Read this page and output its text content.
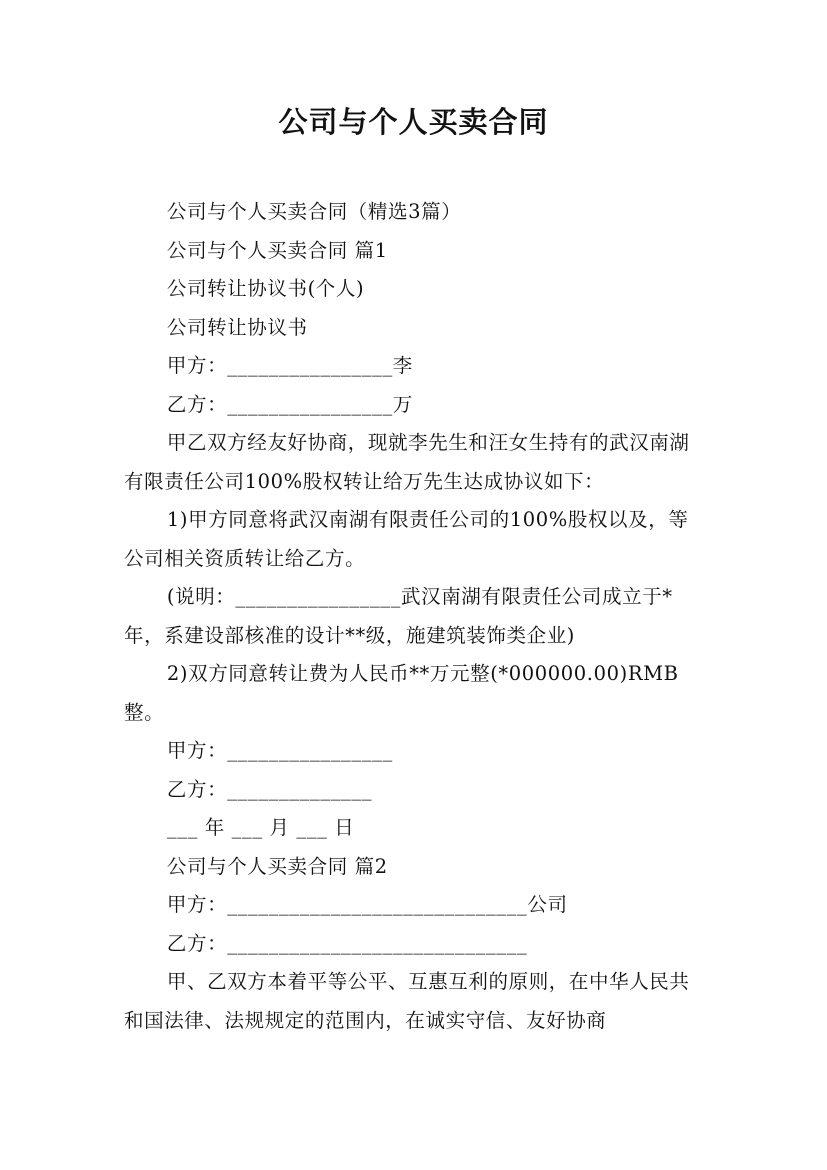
公司与个人买卖合同

公司与个人买卖合同（精选3篇）

公司与个人买卖合同 篇1

公司转让协议书(个人)

公司转让协议书

甲方：________________李

乙方：________________万

甲乙双方经友好协商，现就李先生和汪女生持有的武汉南湖有限责任公司100%股权转让给万先生达成协议如下：

1)甲方同意将武汉南湖有限责任公司的100%股权以及，等公司相关资质转让给乙方。

(说明：________________武汉南湖有限责任公司成立于*年，系建设部核准的设计**级，施建筑装饰类企业)

2)双方同意转让费为人民币**万元整(*000000.00)RMB整。

甲方：________________

乙方：______________

___ 年 ___ 月 ___ 日

公司与个人买卖合同 篇2

甲方：_____________________________公司

乙方：_____________________________

甲、乙双方本着平等公平、互惠互利的原则，在中华人民共和国法律、法规规定的范围内，在诚实守信、友好协商
